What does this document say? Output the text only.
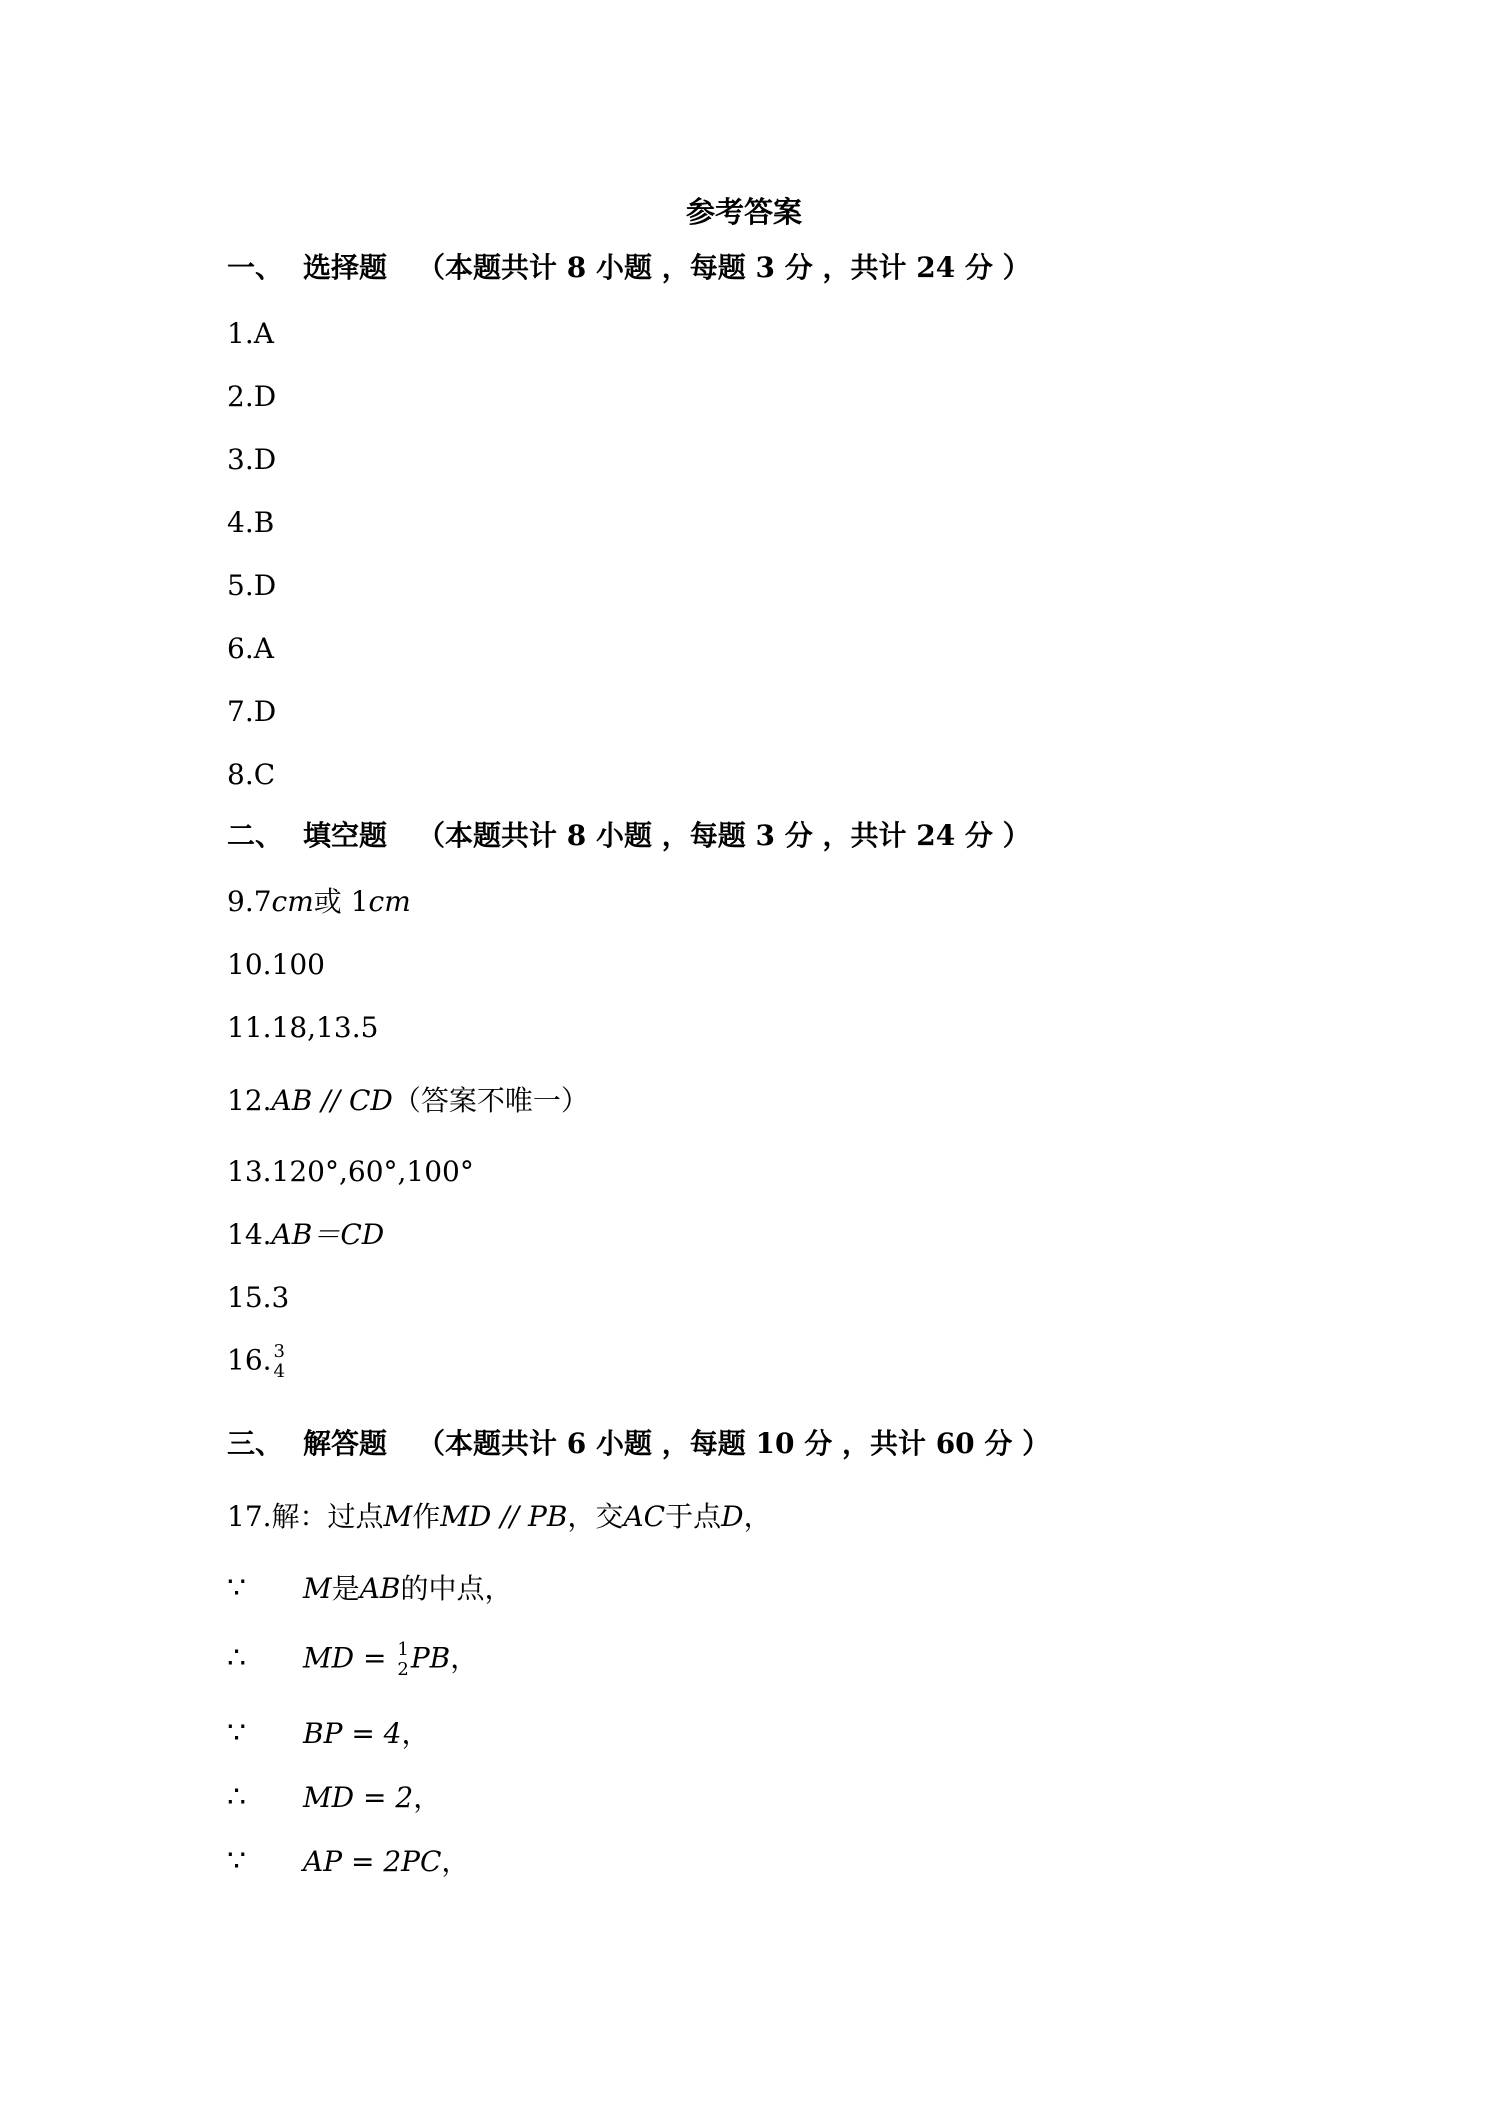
参考答案
一、 选择题 （本题共计 8 小题 ，每题 3 分 ，共计 24 分 ）
1.A
2.D
3.D
4.B
5.D
6.A
7.D
8.C
二、 填空题 （本题共计 8 小题 ，每题 3 分 ，共计 24 分 ）
9.7cm或 1cm
10.100
11.18,13.5
12.AB // CD（答案不唯一）
13.120°,60°,100°
14.AB＝CD
15.3
16. 3
4
三、 解答题 （本题共计 6 小题 ，每题 10 分 ，共计 60 分 ）
17.解：过点M作MD // PB，交AC于点D，
∵ M是AB的中点，
∴ MD = 1
2 PB，
∵ BP = 4，
∴ MD = 2，
∵ AP = 2PC，
